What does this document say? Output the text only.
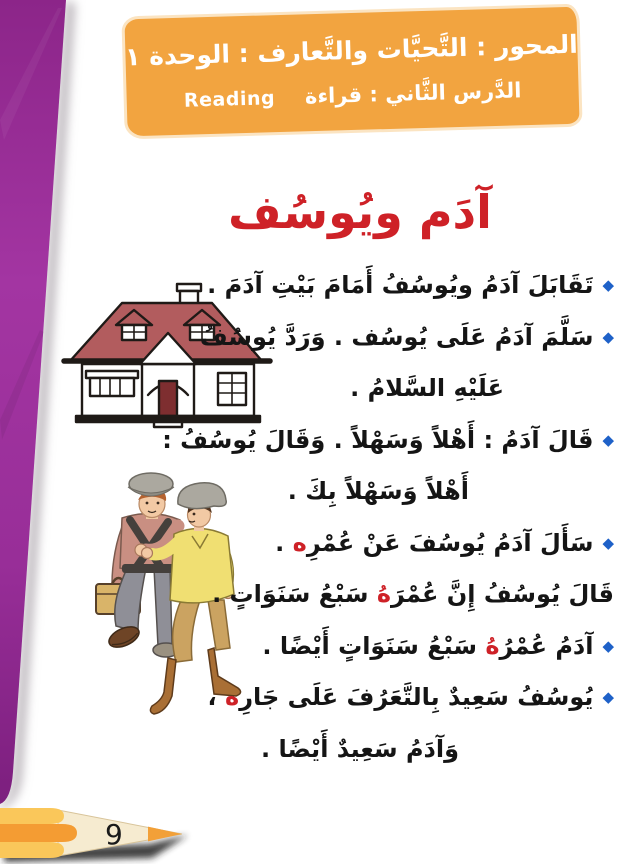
9
المحور : التَّحيَّات والتَّعارف : الوحدة ١
الدَّرس الثَّاني : قراءة
Reading
آدَم ويُوسُف
◆تَقَابَلَ آدَمُ ويُوسُفُ أَمَامَ بَيْتِ آدَمَ .
◆سَلَّمَ آدَمُ عَلَى يُوسُف . وَرَدَّ يُوسُفُ
عَلَيْهِ السَّلامُ .
◆قَالَ آدَمُ : أَهْلاً وَسَهْلاً . وَقَالَ يُوسُفُ :
أَهْلاً وَسَهْلاً بِكَ .
◆سَأَلَ آدَمُ يُوسُفَ عَنْ عُمْرِه .
قَالَ يُوسُفُ إِنَّ عُمْرَهُ سَبْعُ سَنَوَاتٍ .
◆آدَمُ عُمْرُهُ سَبْعُ سَنَوَاتٍ أَيْضًا .
◆يُوسُفُ سَعِيدٌ بِالتَّعَرُفَ عَلَى جَارِه ،
وَآدَمُ سَعِيدٌ أَيْضًا .
